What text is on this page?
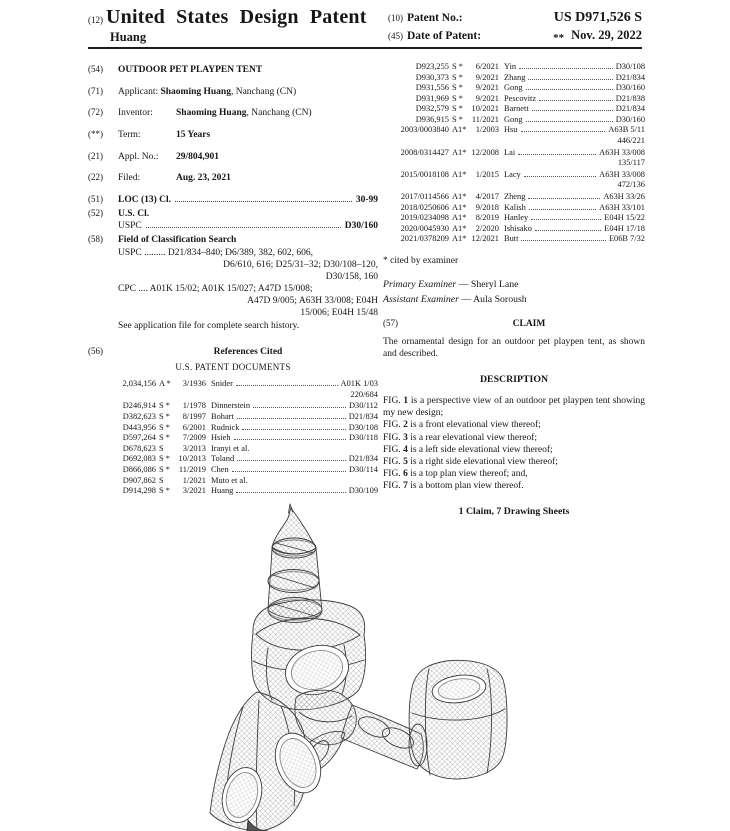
(12) United States Design Patent
Huang
(10) Patent No.:	US D971,526 S
(45) Date of Patent:	** Nov. 29, 2022
(54)	OUTDOOR PET PLAYPEN TENT
(71)	Applicant: Shaoming Huang, Nanchang (CN)
(72)	Inventor: Shaoming Huang, Nanchang (CN)
(**)	Term:	15 Years
(21)	Appl. No.: 29/804,901
(22)	Filed:	Aug. 23, 2021
(51)	LOC (13) Cl.	30-99
(52)	U.S. Cl.
USPC	D30/160
(58)	Field of Classification Search
USPC ......... D21/834–840; D6/389, 382, 602, 606,
D6/610, 616; D25/31–32; D30/108–120,
D30/158, 160
CPC .... A01K 15/02; A01K 15/027; A47D 15/008;
A47D 9/005; A63H 33/008; E04H
15/006; E04H 15/48
See application file for complete search history.
(56)	References Cited
U.S. PATENT DOCUMENTS
2,034,156 A *	3/1936 Snider	A01K 1/03
220/684
D246,914 S *	1/1978 Dinnerstein	D30/112
D382,623 S *	8/1997 Bohart	D21/834
D443,956 S *	6/2001 Rudnick	D30/108
D597,264 S *	7/2009 Hsieh	D30/118
D678,623 S	3/2013 Iranyi et al.
D692,083 S *	10/2013 Toland	D21/834
D866,086 S *	11/2019 Chen	D30/114
D907,862 S	1/2021 Muto et al.
D914,298 S *	3/2021 Huang	D30/109
D923,255 S *	6/2021 Yin	D30/108
D930,373 S *	9/2021 Zhang	D21/834
D931,556 S *	9/2021 Gong	D30/160
D931,969 S *	9/2021 Pescovitz	D21/838
D932,579 S *	10/2021 Barnett	D21/834
D936,915 S *	11/2021 Gong	D30/160
2003/0003840 A1*	1/2003 Hsu	A63B 5/11
446/221
2008/0314427 A1* 12/2008 Lai	A63H 33/008
135/117
2015/0018108 A1*	1/2015 Lacy	A63H 33/008
472/136
2017/0114566 A1*	4/2017 Zheng	A63H 33/26
2018/0250606 A1*	9/2018 Kalish	A63H 33/101
2019/0234098 A1*	8/2019 Hanley	E04H 15/22
2020/0045930 A1*	2/2020 Ishisako	E04H 17/18
2021/0378209 A1* 12/2021 Butt	E06B 7/32
* cited by examiner
Primary Examiner — Sheryl Lane
Assistant Examiner — Aula Soroush
(57)	CLAIM

The ornamental design for an outdoor pet playpen tent, as shown and described.

DESCRIPTION

FIG. 1 is a perspective view of an outdoor pet playpen tent showing my new design;

FIG. 2 is a front elevational view thereof;

FIG. 3 is a rear elevational view thereof;

FIG. 4 is a left side elevational view thereof;

FIG. 5 is a right side elevational view thereof;

FIG. 6 is a top plan view thereof; and,

FIG. 7 is a bottom plan view thereof.

1 Claim, 7 Drawing Sheets
